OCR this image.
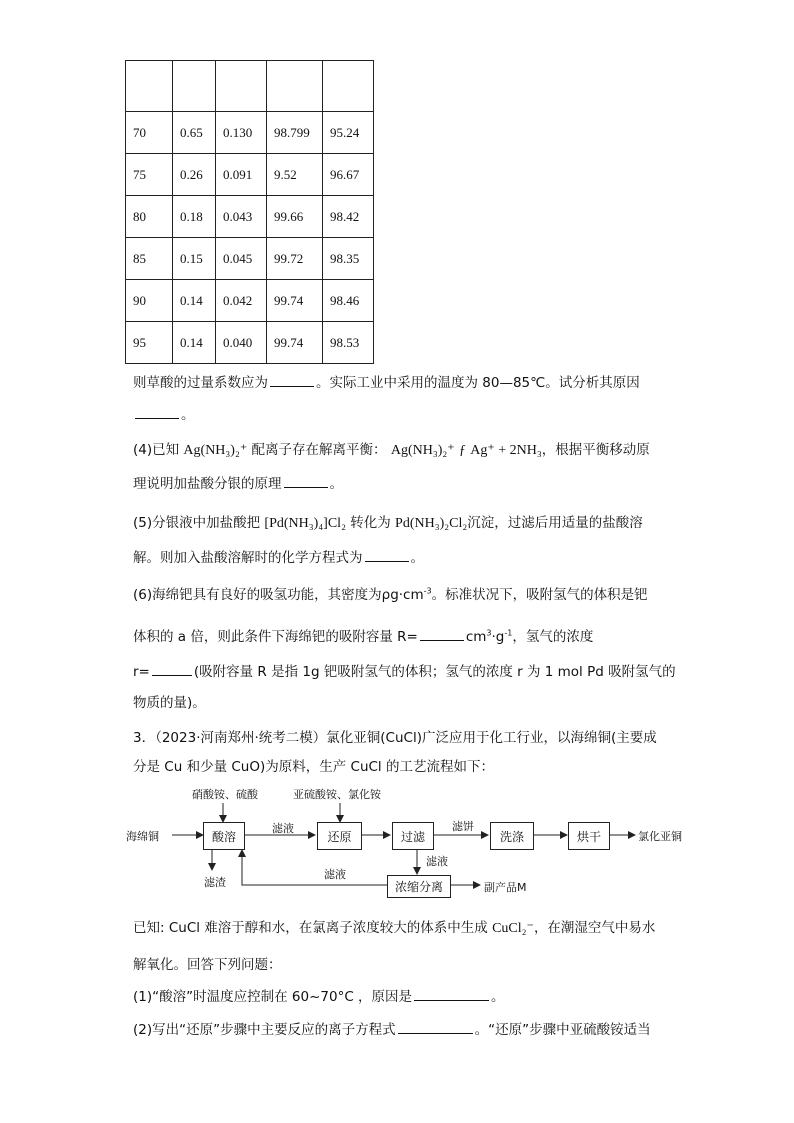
70	0.65	0.130	98.799	95.24
75	0.26	0.091	9.52	96.67
80	0.18	0.043	99.66	98.42
85	0.15	0.045	99.72	98.35
90	0.14	0.042	99.74	98.46
95	0.14	0.040	99.74	98.53
则草酸的过量系数应为	。实际工业中采用的温度为 80—85℃。试分析其原因
。
(4)已知 Ag(NH₃)₂⁺ 配离子存在解离平衡： Ag(NH₃)₂⁺ ƒ Ag⁺ + 2NH₃，根据平衡移动原
理说明加盐酸分银的原理	。
(5)分银液中加盐酸把 [Pd(NH₃)₄]Cl₂ 转化为 Pd(NH₃)₂Cl₂沉淀，过滤后用适量的盐酸溶
解。则加入盐酸溶解时的化学方程式为	。
(6)海绵钯具有良好的吸氢功能，其密度为$\rho g\cdot cm^{-3}$。标准状况下，吸附氢气的体积是钯
体积的 a 倍，则此条件下海绵钯的吸附容量 R=	$cm^3\cdot g^{-1}$，氢气的浓度
r=	(吸附容量 R 是指 1g 钯吸附氢气的体积；氢气的浓度 r 为 1 mol Pd 吸附氢气的
物质的量)。
3．（2023·河南郑州·统考二模）氯化亚铜(CuCl)广泛应用于化工行业，以海绵铜(主要成
分是 Cu 和少量 CuO)为原料，生产 CuCl 的工艺流程如下：
海绵铜
硝酸铵、硫酸	亚硫酸铵、氯化铵
酸溶	还原	过滤	洗涤	烘干
浓缩分离
氯化亚铜
滤液	滤饼
滤液
滤渣
滤液
副产品M
已知: CuCl 难溶于醇和水，在氯离子浓度较大的体系中生成 CuCl₂⁻，在潮湿空气中易水
解氧化。回答下列问题：
(1)“酸溶”时温度应控制在 60~70°C ，原因是	。
(2)写出“还原”步骤中主要反应的离子方程式	。“还原”步骤中亚硫酸铵适当
